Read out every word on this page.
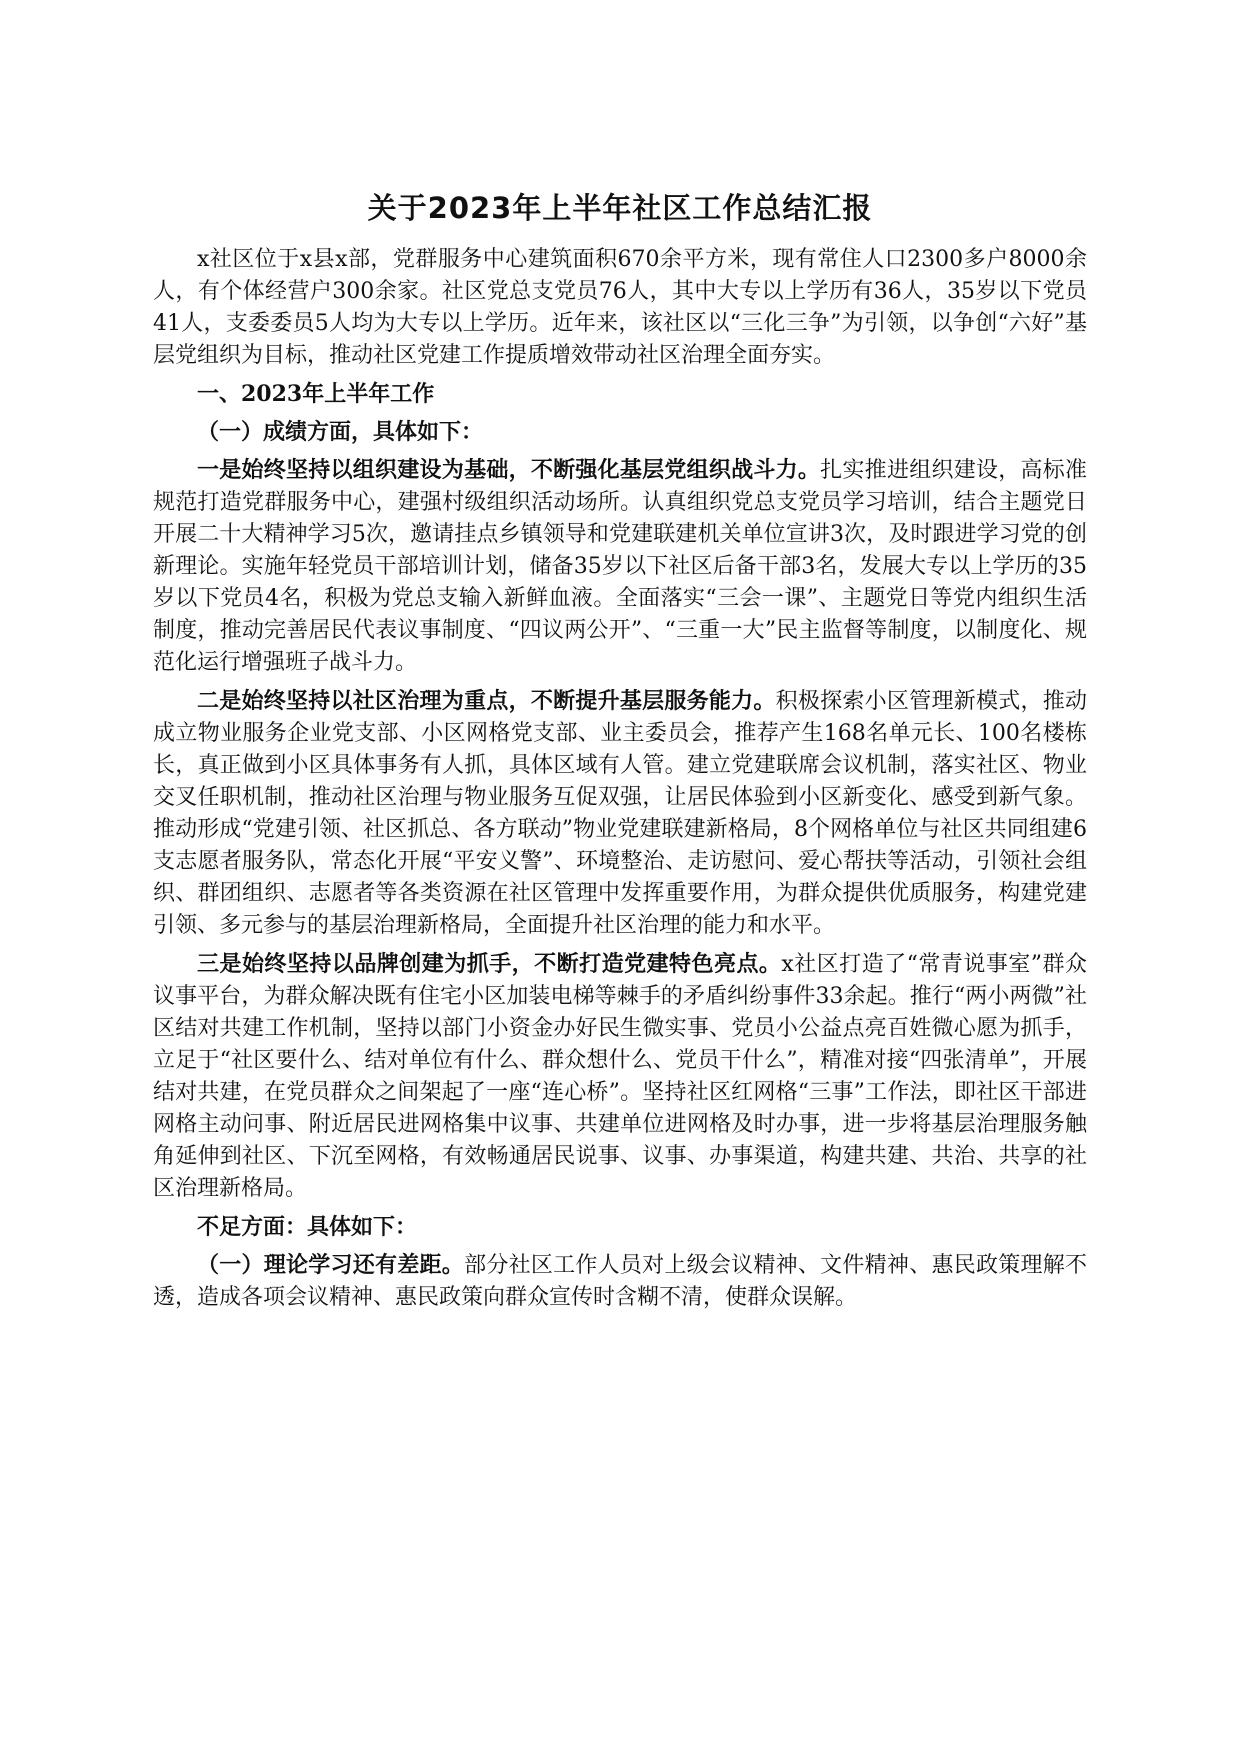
关于2023年上半年社区工作总结汇报

x社区位于x县x部，党群服务中心建筑面积670余平方米，现有常住人口2300多户8000余人，有个体经营户300余家。社区党总支党员76人，其中大专以上学历有36人，35岁以下党员41人，支委委员5人均为大专以上学历。近年来，该社区以“三化三争”为引领，以争创“六好”基层党组织为目标，推动社区党建工作提质增效带动社区治理全面夯实。

一、2023年上半年工作

（一）成绩方面，具体如下：

一是始终坚持以组织建设为基础，不断强化基层党组织战斗力。扎实推进组织建设，高标准规范打造党群服务中心，建强村级组织活动场所。认真组织党总支党员学习培训，结合主题党日开展二十大精神学习5次，邀请挂点乡镇领导和党建联建机关单位宣讲3次，及时跟进学习党的创新理论。实施年轻党员干部培训计划，储备35岁以下社区后备干部3名，发展大专以上学历的35岁以下党员4名，积极为党总支输入新鲜血液。全面落实“三会一课”、主题党日等党内组织生活制度，推动完善居民代表议事制度、“四议两公开”、“三重一大”民主监督等制度，以制度化、规范化运行增强班子战斗力。

二是始终坚持以社区治理为重点，不断提升基层服务能力。积极探索小区管理新模式，推动成立物业服务企业党支部、小区网格党支部、业主委员会，推荐产生168名单元长、100名楼栋长，真正做到小区具体事务有人抓，具体区域有人管。建立党建联席会议机制，落实社区、物业交叉任职机制，推动社区治理与物业服务互促双强，让居民体验到小区新变化、感受到新气象。推动形成“党建引领、社区抓总、各方联动”物业党建联建新格局，8个网格单位与社区共同组建6支志愿者服务队，常态化开展“平安义警”、环境整治、走访慰问、爱心帮扶等活动，引领社会组织、群团组织、志愿者等各类资源在社区管理中发挥重要作用，为群众提供优质服务，构建党建引领、多元参与的基层治理新格局，全面提升社区治理的能力和水平。

三是始终坚持以品牌创建为抓手，不断打造党建特色亮点。x社区打造了“常青说事室”群众议事平台，为群众解决既有住宅小区加装电梯等棘手的矛盾纠纷事件33余起。推行“两小两微”社区结对共建工作机制，坚持以部门小资金办好民生微实事、党员小公益点亮百姓微心愿为抓手，立足于“社区要什么、结对单位有什么、群众想什么、党员干什么”，精准对接“四张清单”，开展结对共建，在党员群众之间架起了一座“连心桥”。坚持社区红网格“三事”工作法，即社区干部进网格主动问事、附近居民进网格集中议事、共建单位进网格及时办事，进一步将基层治理服务触角延伸到社区、下沉至网格，有效畅通居民说事、议事、办事渠道，构建共建、共治、共享的社区治理新格局。

不足方面：具体如下：

（一）理论学习还有差距。部分社区工作人员对上级会议精神、文件精神、惠民政策理解不透，造成各项会议精神、惠民政策向群众宣传时含糊不清，使群众误解。
